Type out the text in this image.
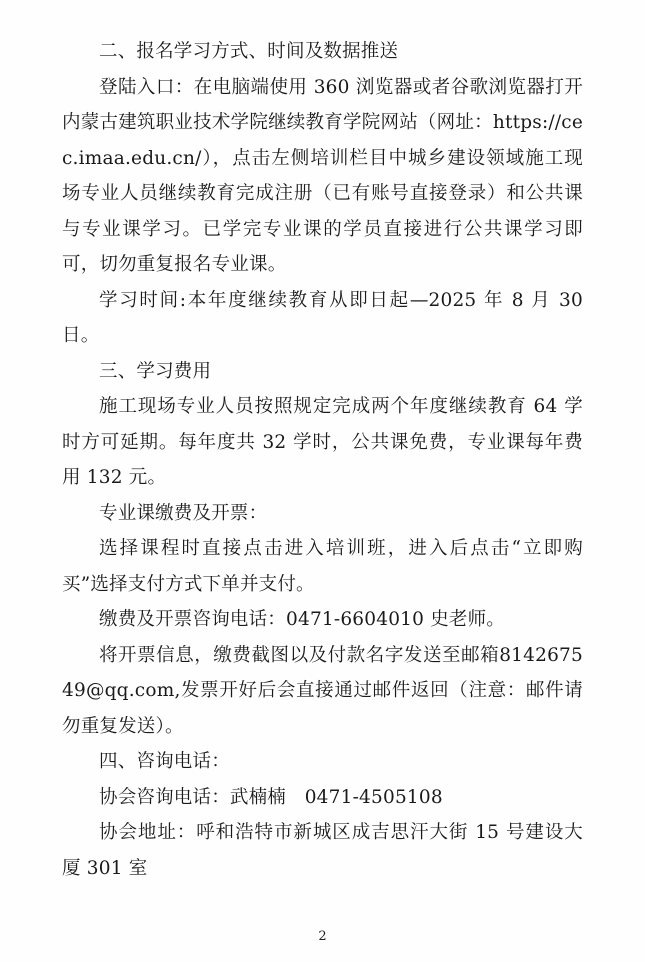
二、报名学习方式、时间及数据推送

登陆入口：在电脑端使用 360 浏览器或者谷歌浏览器打开内蒙古建筑职业技术学院继续教育学院网站（网址：https://cec.imaa.edu.cn/），点击左侧培训栏目中城乡建设领域施工现场专业人员继续教育完成注册（已有账号直接登录）和公共课与专业课学习。已学完专业课的学员直接进行公共课学习即可，切勿重复报名专业课。

学习时间:本年度继续教育从即日起—2025 年 8 月 30 日。

三、学习费用

施工现场专业人员按照规定完成两个年度继续教育 64 学时方可延期。每年度共 32 学时，公共课免费，专业课每年费用 132 元。

专业课缴费及开票：

选择课程时直接点击进入培训班，进入后点击“立即购买”选择支付方式下单并支付。

缴费及开票咨询电话：0471-6604010 史老师。

将开票信息，缴费截图以及付款名字发送至邮箱814267549@qq.com,发票开好后会直接通过邮件返回（注意：邮件请勿重复发送）。

四、咨询电话：

协会咨询电话：武楠楠　0471-4505108

协会地址：呼和浩特市新城区成吉思汗大街 15 号建设大厦 301 室

2
